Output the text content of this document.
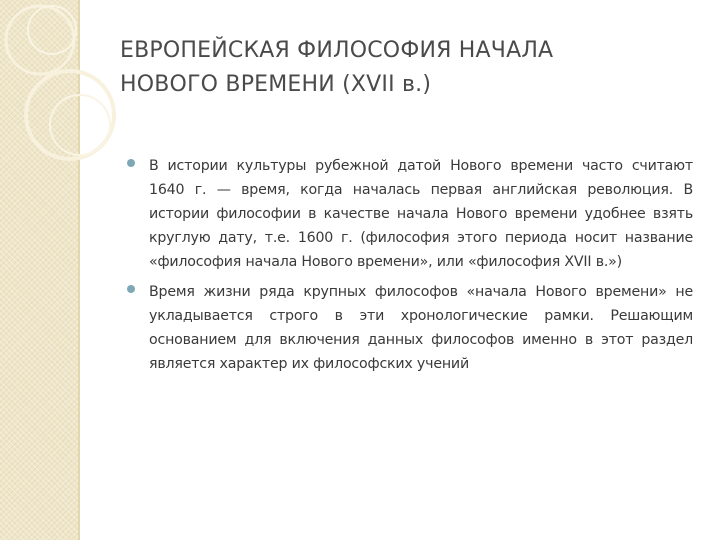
ЕВРОПЕЙСКАЯ ФИЛОСОФИЯ НАЧАЛА
НОВОГО ВРЕМЕНИ (XVII в.)
В истории культуры рубежной датой Нового времени часто считают 1640 г. — время, когда началась первая английская революция. В истории философии в качестве начала Нового времени удобнее взять круглую дату, т.е. 1600 г. (философия этого периода носит название «философия начала Нового времени», или «философия XVII в.»)
Время жизни ряда крупных философов «начала Нового времени» не укладывается строго в эти хронологические рамки. Решающим основанием для включения данных философов именно в этот раздел является характер их философских учений
